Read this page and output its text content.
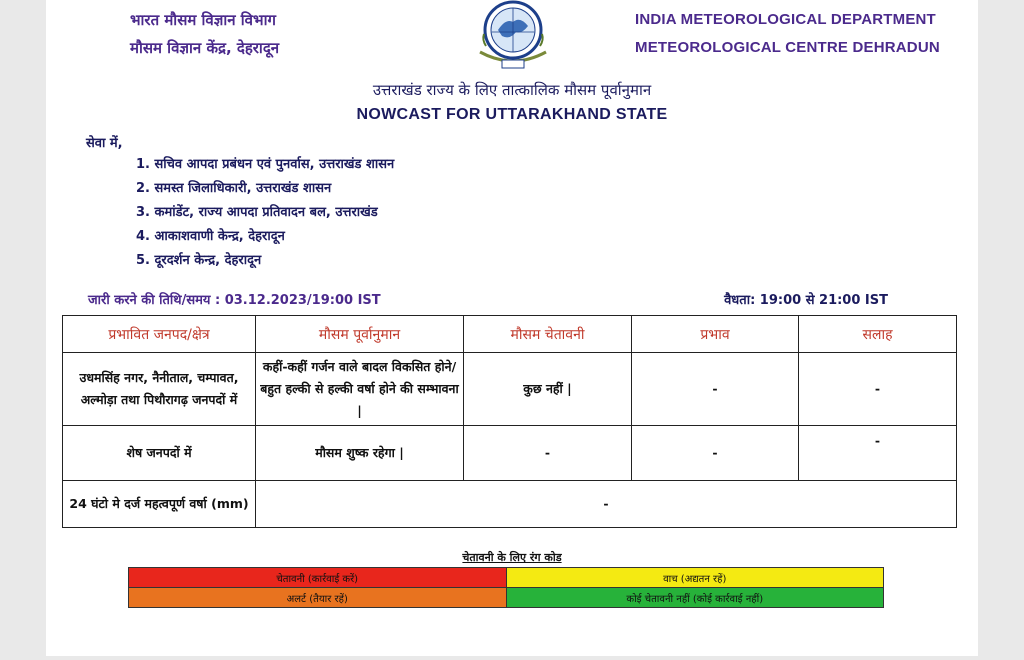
भारत मौसम विज्ञान विभाग
मौसम विज्ञान केंद्र, देहरादून
INDIA METEOROLOGICAL DEPARTMENT
METEOROLOGICAL CENTRE DEHRADUN
उत्तराखंड राज्य के लिए तात्कालिक मौसम पूर्वानुमान
NOWCAST FOR UTTARAKHAND STATE
सेवा में,
1. सचिव आपदा प्रबंधन एवं पुनर्वास, उत्तराखंड शासन
2. समस्त जिलाधिकारी, उत्तराखंड शासन
3. कमांडेंट, राज्य आपदा प्रतिवादन बल, उत्तराखंड
4. आकाशवाणी केन्द्र, देहरादून
5. दूरदर्शन केन्द्र, देहरादून
जारी करने की तिथि/समय : 03.12.2023/19:00 IST	वैधता: 19:00 से 21:00 IST
प्रभावित जनपद/क्षेत्र	मौसम पूर्वानुमान	मौसम चेतावनी	प्रभाव	सलाह
उधमसिंह नगर, नैनीताल, चम्पावत, अल्मोड़ा तथा पिथौरागढ़ जनपदों में	कहीं-कहीं गर्जन वाले बादल विकसित होने/ बहुत हल्की से हल्की वर्षा होने की सम्भावना |	कुछ नहीं |	-	-
शेष जनपदों में	मौसम शुष्क रहेगा |	-	-	-
24 घंटो मे दर्ज महत्वपूर्ण वर्षा (mm)	-			
चेतावनी के लिए रंग कोड
चेतावनी (कार्रवाई करें)	वाच (अद्यतन रहें)
अलर्ट (तैयार रहें)	कोई चेतावनी नहीं (कोई कार्रवाई नहीं)
